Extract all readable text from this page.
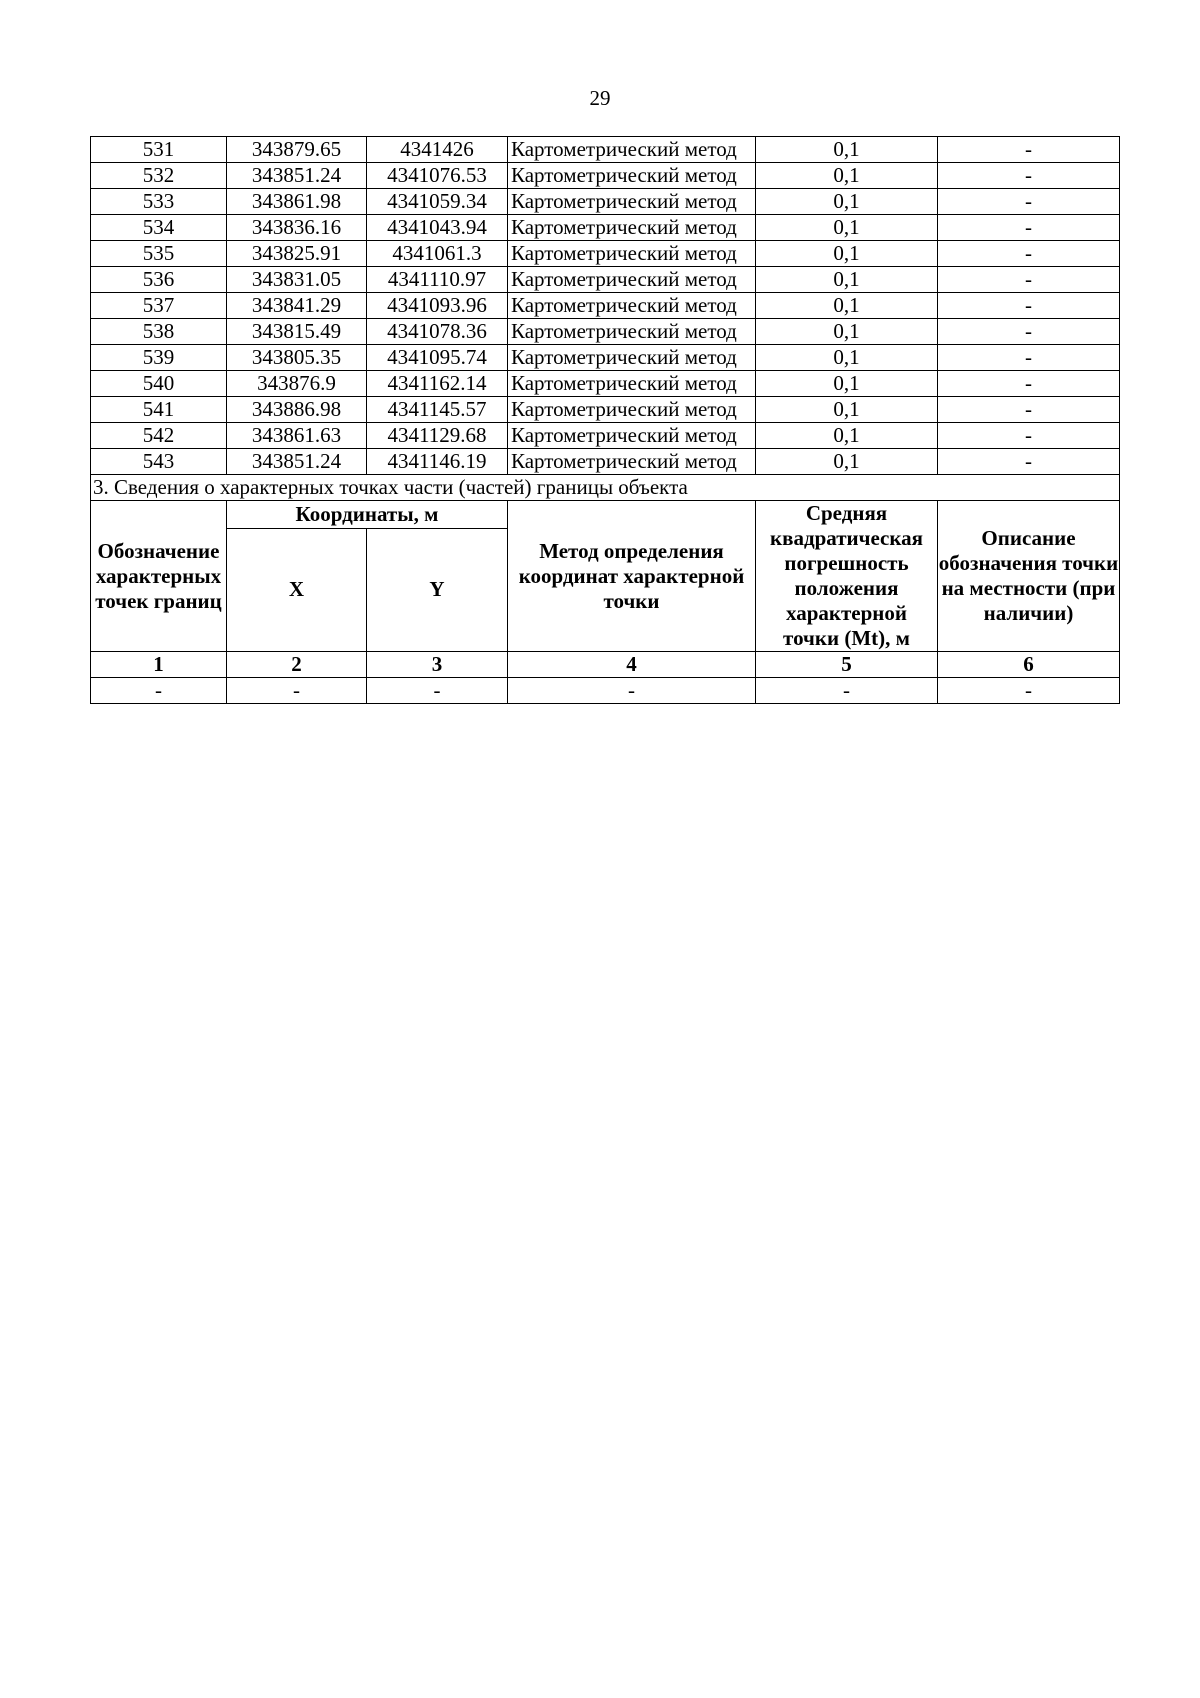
29
531	343879.65	4341426	Картометрический метод	0,1	-
532	343851.24	4341076.53	Картометрический метод	0,1	-
533	343861.98	4341059.34	Картометрический метод	0,1	-
534	343836.16	4341043.94	Картометрический метод	0,1	-
535	343825.91	4341061.3	Картометрический метод	0,1	-
536	343831.05	4341110.97	Картометрический метод	0,1	-
537	343841.29	4341093.96	Картометрический метод	0,1	-
538	343815.49	4341078.36	Картометрический метод	0,1	-
539	343805.35	4341095.74	Картометрический метод	0,1	-
540	343876.9	4341162.14	Картометрический метод	0,1	-
541	343886.98	4341145.57	Картометрический метод	0,1	-
542	343861.63	4341129.68	Картометрический метод	0,1	-
543	343851.24	4341146.19	Картометрический метод	0,1	-
3. Сведения о характерных точках части (частей) границы объекта					
Обозначение характерных точек границ	Координаты, м		Метод определения координат характерной точки	Средняя квадратическая погрешность положения характерной точки (Mt), м	Описание обозначения точки на местности (при наличии)
	X	Y			
1	2	3	4	5	6
-	-	-	-	-	-
